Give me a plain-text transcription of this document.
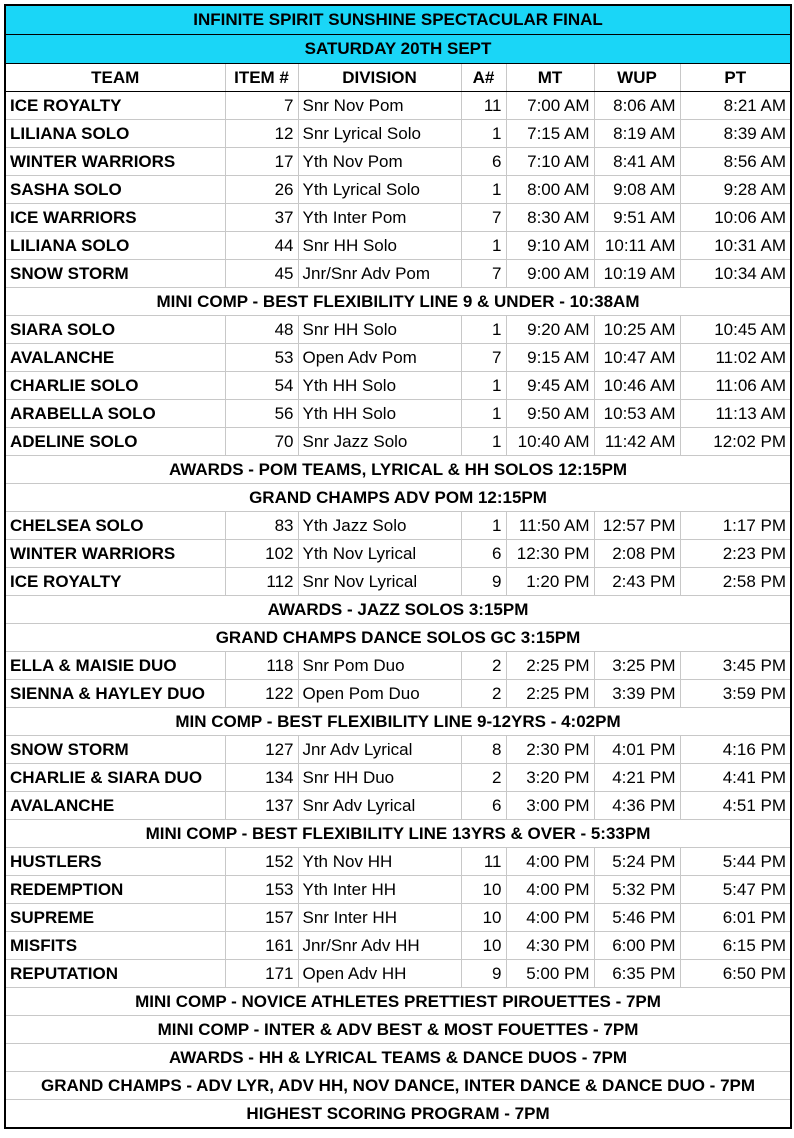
INFINITE SPIRIT SUNSHINE SPECTACULAR FINAL						
SATURDAY 20TH SEPT						
TEAM	ITEM #	DIVISION	A#	MT	WUP	PT
ICE ROYALTY	7	Snr Nov Pom	11	7:00 AM	8:06 AM	8:21 AM
LILIANA SOLO	12	Snr Lyrical Solo	1	7:15 AM	8:19 AM	8:39 AM
WINTER WARRIORS	17	Yth Nov Pom	6	7:10 AM	8:41 AM	8:56 AM
SASHA SOLO	26	Yth Lyrical Solo	1	8:00 AM	9:08 AM	9:28 AM
ICE WARRIORS	37	Yth Inter Pom	7	8:30 AM	9:51 AM	10:06 AM
LILIANA SOLO	44	Snr HH Solo	1	9:10 AM	10:11 AM	10:31 AM
SNOW STORM	45	Jnr/Snr Adv Pom	7	9:00 AM	10:19 AM	10:34 AM
MINI COMP - BEST FLEXIBILITY LINE 9 & UNDER - 10:38AM						
SIARA SOLO	48	Snr HH Solo	1	9:20 AM	10:25 AM	10:45 AM
AVALANCHE	53	Open Adv Pom	7	9:15 AM	10:47 AM	11:02 AM
CHARLIE SOLO	54	Yth HH Solo	1	9:45 AM	10:46 AM	11:06 AM
ARABELLA SOLO	56	Yth HH Solo	1	9:50 AM	10:53 AM	11:13 AM
ADELINE SOLO	70	Snr Jazz Solo	1	10:40 AM	11:42 AM	12:02 PM
AWARDS - POM TEAMS, LYRICAL & HH SOLOS 12:15PM						
GRAND CHAMPS ADV POM 12:15PM						
CHELSEA SOLO	83	Yth Jazz Solo	1	11:50 AM	12:57 PM	1:17 PM
WINTER WARRIORS	102	Yth Nov Lyrical	6	12:30 PM	2:08 PM	2:23 PM
ICE ROYALTY	112	Snr Nov Lyrical	9	1:20 PM	2:43 PM	2:58 PM
AWARDS - JAZZ SOLOS 3:15PM						
GRAND CHAMPS DANCE SOLOS GC 3:15PM						
ELLA & MAISIE DUO	118	Snr Pom Duo	2	2:25 PM	3:25 PM	3:45 PM
SIENNA & HAYLEY DUO	122	Open Pom Duo	2	2:25 PM	3:39 PM	3:59 PM
MIN COMP - BEST FLEXIBILITY LINE 9-12YRS - 4:02PM						
SNOW STORM	127	Jnr Adv Lyrical	8	2:30 PM	4:01 PM	4:16 PM
CHARLIE & SIARA DUO	134	Snr HH Duo	2	3:20 PM	4:21 PM	4:41 PM
AVALANCHE	137	Snr Adv Lyrical	6	3:00 PM	4:36 PM	4:51 PM
MINI COMP - BEST FLEXIBILITY LINE 13YRS & OVER - 5:33PM						
HUSTLERS	152	Yth Nov HH	11	4:00 PM	5:24 PM	5:44 PM
REDEMPTION	153	Yth Inter HH	10	4:00 PM	5:32 PM	5:47 PM
SUPREME	157	Snr Inter HH	10	4:00 PM	5:46 PM	6:01 PM
MISFITS	161	Jnr/Snr Adv HH	10	4:30 PM	6:00 PM	6:15 PM
REPUTATION	171	Open Adv HH	9	5:00 PM	6:35 PM	6:50 PM
MINI COMP - NOVICE ATHLETES PRETTIEST PIROUETTES - 7PM						
MINI COMP - INTER & ADV BEST & MOST FOUETTES - 7PM						
AWARDS - HH & LYRICAL TEAMS & DANCE DUOS - 7PM						
GRAND CHAMPS - ADV LYR, ADV HH, NOV DANCE, INTER DANCE & DANCE DUO - 7PM						
HIGHEST SCORING PROGRAM - 7PM						
